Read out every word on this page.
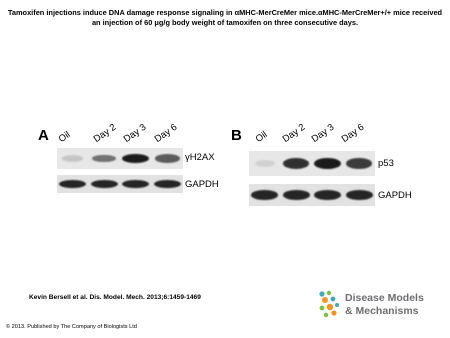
Tamoxifen injections induce DNA damage response signaling in αMHC-MerCreMer mice.αMHC-MerCreMer+/+ mice received an injection of 60 μg/g body weight of tamoxifen on three consecutive days.

A Oil Day 2 Day 3 Day 6
γH2AX
GAPDH
B Oil Day 2 Day 3 Day 6
p53
GAPDH
Kevin Bersell et al. Dis. Model. Mech. 2013;6:1459-1469
© 2013. Published by The Company of Biologists Ltd
Disease Models
& Mechanisms
